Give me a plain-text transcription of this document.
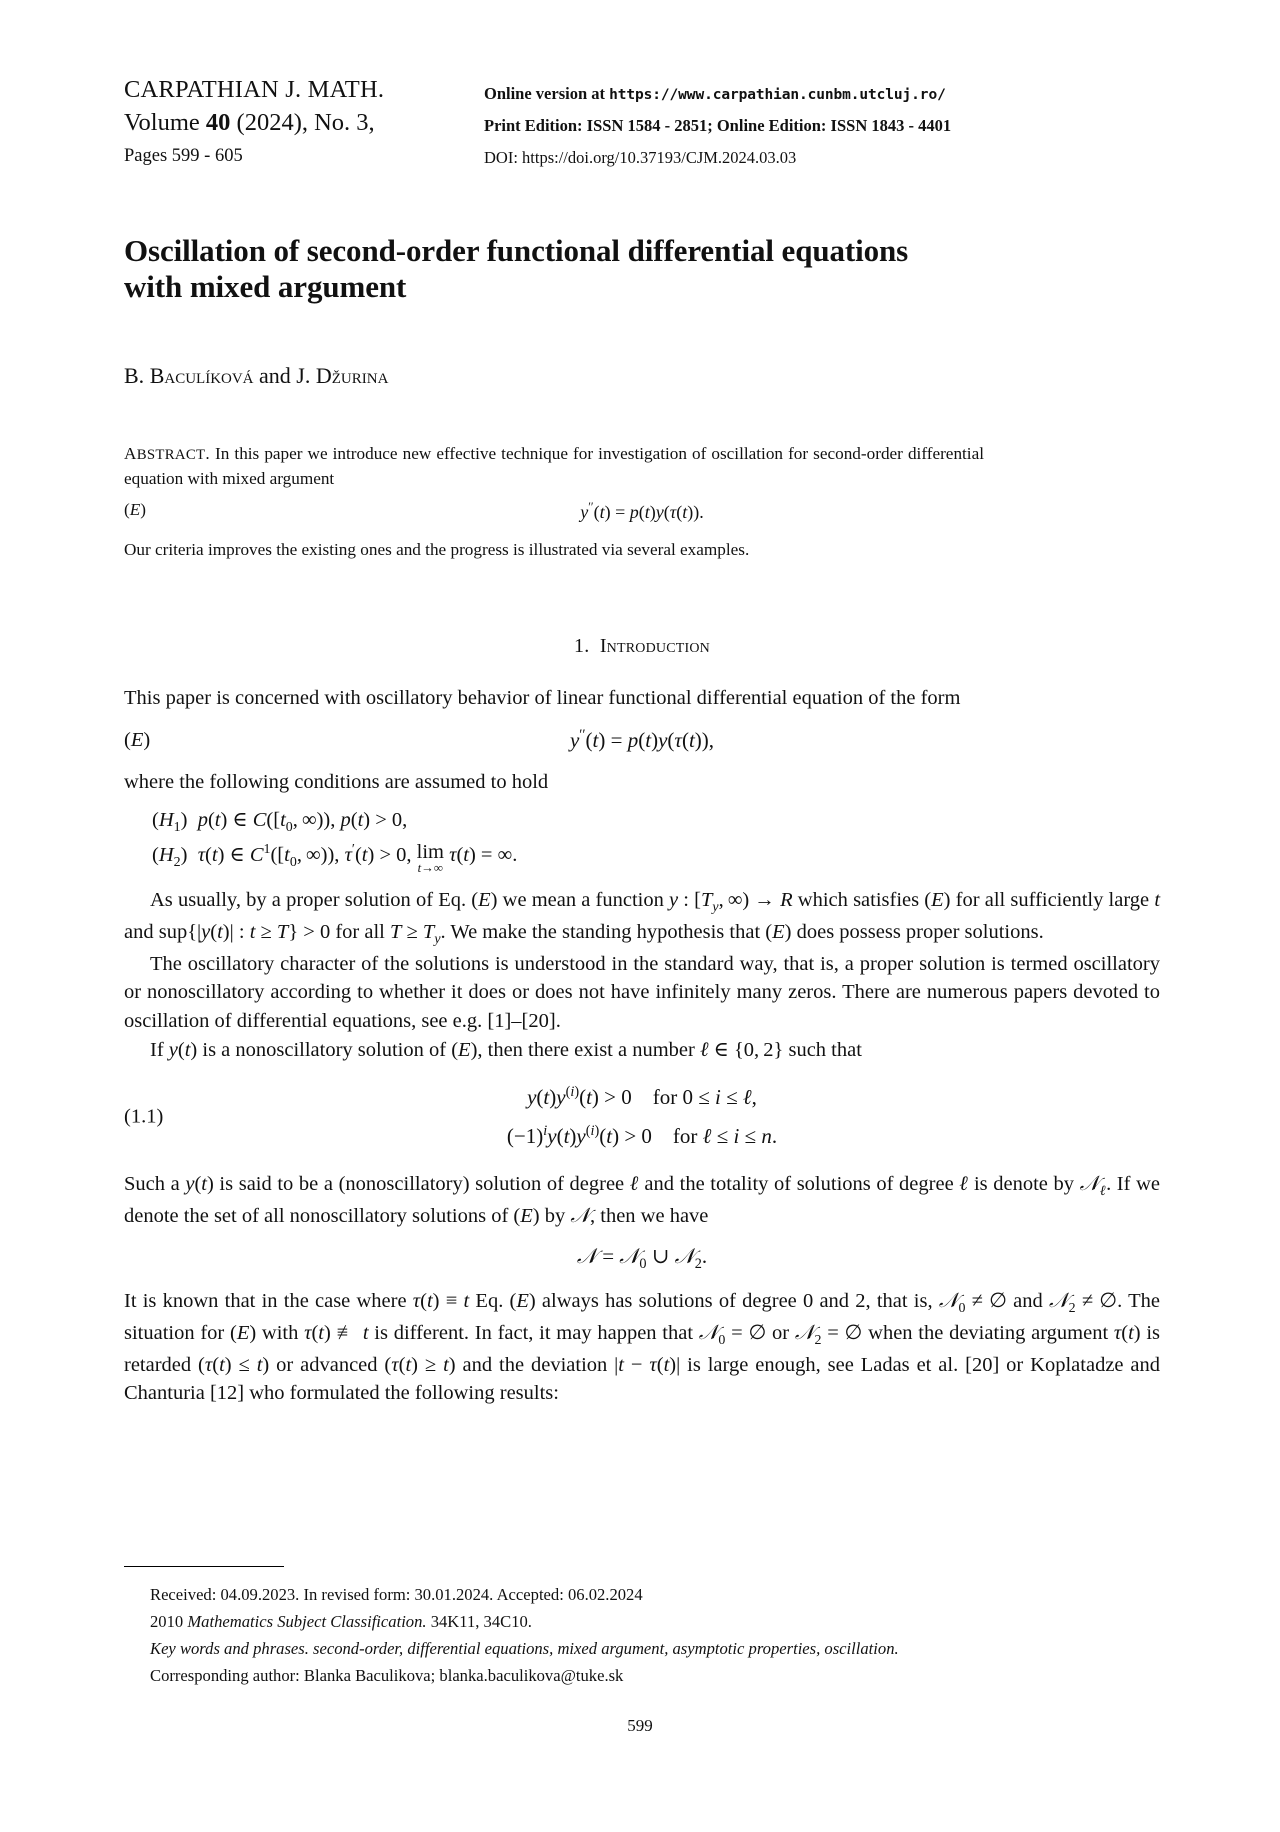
CARPATHIAN J. MATH.
Volume 40 (2024), No. 3,
Pages 599 - 605
Online version at https://www.carpathian.cunbm.utcluj.ro/
Print Edition: ISSN 1584 - 2851; Online Edition: ISSN 1843 - 4401
DOI: https://doi.org/10.37193/CJM.2024.03.03
Oscillation of second-order functional differential equations with mixed argument
B. Baculíková and J. Džurina
ABSTRACT. In this paper we introduce new effective technique for investigation of oscillation for second-order differential equation with mixed argument
(E)	y′′(t) = p(t)y(τ(t)).
Our criteria improves the existing ones and the progress is illustrated via several examples.
1. Introduction

This paper is concerned with oscillatory behavior of linear functional differential equation of the form

(E)	y′′(t) = p(t)y(τ(t)),

where the following conditions are assumed to hold

$(H_1)$  p(t) ∈ $C([t_0$, ∞)), p(t) > 0,
$(H_2)$  τ(t) ∈ $C^1([t_0$, ∞)), τ′(t) > 0, lim
t→∞
τ(t) = ∞.

As usually, by a proper solution of Eq. (E) we mean a function y : [$T_y$, ∞) → R which satisfies (E) for all sufficiently large t and sup{|y(t)| : t ≥ T} > 0 for all $T \ge T_y$. We make the standing hypothesis that (E) does possess proper solutions.

The oscillatory character of the solutions is understood in the standard way, that is, a proper solution is termed oscillatory or nonoscillatory according to whether it does or does not have infinitely many zeros. There are numerous papers devoted to oscillation of differential equations, see e.g. [1]–[20].

If y(t) is a nonoscillatory solution of (E), then there exist a number ℓ ∈ {0, 2} such that

(1.1)
$y(t)y^{(i)}(t) > 0$    for 0 ≤ i ≤ ℓ,
$(-1)^iy(t)y^{(i)}(t) > 0$    for ℓ ≤ i ≤ n.

Such a y(t) is said to be a (nonoscillatory) solution of degree ℓ and the totality of solutions of degree ℓ is denote by 𝒩$_\ell$. If we denote the set of all nonoscillatory solutions of (E) by 𝒩, then we have

𝒩 = 𝒩$_0$ ∪ 𝒩$_2$.

It is known that in the case where τ(t) ≡ t Eq. (E) always has solutions of degree 0 and 2, that is, 𝒩$_0$ ≠ ∅ and 𝒩$_2$ ≠ ∅. The situation for (E) with τ(t) ≢ t is different. In fact, it may happen that 𝒩$_0$ = ∅ or 𝒩$_2$ = ∅ when the deviating argument τ(t) is retarded (τ(t) ≤ t) or advanced (τ(t) ≥ t) and the deviation |t − τ(t)| is large enough, see Ladas et al. [20] or Koplatadze and Chanturia [12] who formulated the following results:

Received: 04.09.2023. In revised form: 30.01.2024. Accepted: 06.02.2024
2010 Mathematics Subject Classification. 34K11, 34C10.
Key words and phrases. second-order, differential equations, mixed argument, asymptotic properties, oscillation.
Corresponding author: Blanka Baculikova; blanka.baculikova@tuke.sk
599
